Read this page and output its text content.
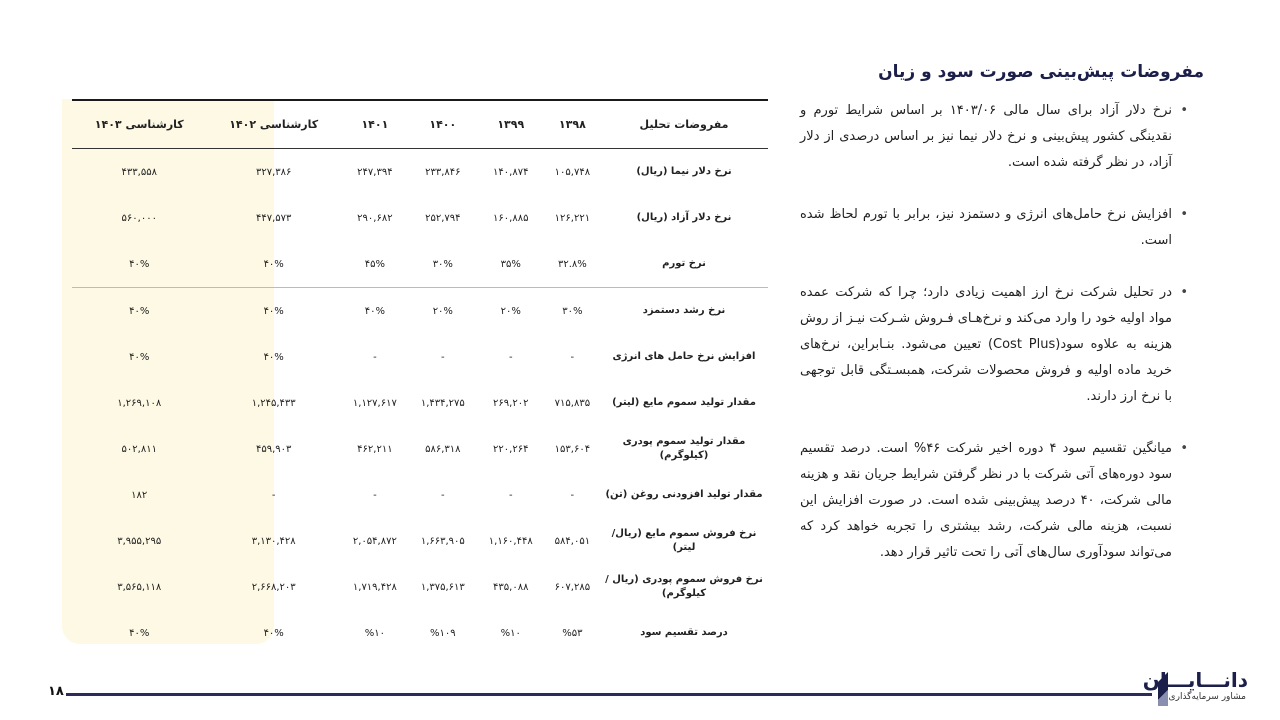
مفروضات پیش‌بینی صورت سود و زیان
• نرخ دلار آزاد برای سال مالی ۱۴۰۳/۰۶ بر اساس شرایط تورم و نقدینگی کشور پیش‌بینی و نرخ دلار نیما نیز بر اساس درصدی از دلار آزاد، در نظر گرفته شده است.
• افزایش نرخ حامل‌های انرژی و دستمزد نیز، برابر با تورم لحاظ شده است.
• در تحلیل شرکت نرخ ارز اهمیت زیادی دارد؛ چرا که شرکت عمده مواد اولیه خود را وارد می‌کند و نرخ‌هـای فـروش شـرکت نیـز از روش هزینه به علاوه سود(Cost Plus) تعیین می‌شود. بنـابراین، نرخ‌های خرید ماده اولیه و فروش محصولات شرکت، همبسـتگی قابل توجهی با نرخ ارز دارند.
• میانگین تقسیم سود ۴ دوره اخیر شرکت ۴۶% است. درصد تقسیم سود دوره‌های آتی شرکت با در نظر گرفتن شرایط جریان نقد و هزینه مالی شرکت، ۴۰ درصد پیش‌بینی شده است. در صورت افزایش این نسبت، هزینه مالی شرکت، رشد بیشتری را تجربه خواهد کرد که می‌تواند سودآوری سال‌های آتی را تحت تاثیر قرار دهد.
مفروضات تحلیل	۱۳۹۸	۱۳۹۹	۱۴۰۰	۱۴۰۱	کارشناسی ۱۴۰۲	کارشناسی ۱۴۰۳
نرخ دلار نیما (ریال)	۱۰۵,۷۴۸	۱۴۰,۸۷۴	۲۳۳,۸۴۶	۲۴۷,۳۹۴	۳۲۷,۳۸۶	۴۳۳,۵۵۸
نرخ دلار آزاد (ریال)	۱۲۶,۲۲۱	۱۶۰,۸۸۵	۲۵۲,۷۹۴	۲۹۰,۶۸۲	۴۴۷,۵۷۳	۵۶۰,۰۰۰
نرخ تورم	۳۲.۸%	۳۵%	۳۰%	۴۵%	۴۰%	۴۰%
نرخ رشد دستمزد	۳۰%	۲۰%	۲۰%	۴۰%	۴۰%	۴۰%
افزایش نرخ حامل های انرژی	-	-	-	-	۴۰%	۴۰%
مقدار تولید سموم مایع (لیتر)	۷۱۵,۸۳۵	۲۶۹,۲۰۲	۱,۴۳۴,۲۷۵	۱,۱۲۷,۶۱۷	۱,۲۴۵,۴۳۳	۱,۲۶۹,۱۰۸
مقدار تولید سموم پودری (کیلوگرم)	۱۵۳,۶۰۴	۲۲۰,۲۶۴	۵۸۶,۳۱۸	۴۶۲,۲۱۱	۴۵۹,۹۰۳	۵۰۲,۸۱۱
مقدار تولید افزودنی روغن (تن)	-	-	-	-	-	۱۸۲
نرخ فروش سموم مایع (ریال/ لیتر)	۵۸۴,۰۵۱	۱,۱۶۰,۴۴۸	۱,۶۶۳,۹۰۵	۲,۰۵۴,۸۷۲	۳,۱۳۰,۴۲۸	۳,۹۵۵,۲۹۵
نرخ فروش سموم پودری (ریال / کیلوگرم)	۶۰۷,۲۸۵	۴۳۵,۰۸۸	۱,۳۷۵,۶۱۳	۱,۷۱۹,۴۲۸	۲,۶۶۸,۲۰۳	۳,۵۶۵,۱۱۸
درصد تقسیم سود	%۵۳	%۱۰	%۱۰۹	%۱۰	۴۰%	۴۰%
۱۸	دانـــایـــان
مشاور سرمایه‌گذاری
